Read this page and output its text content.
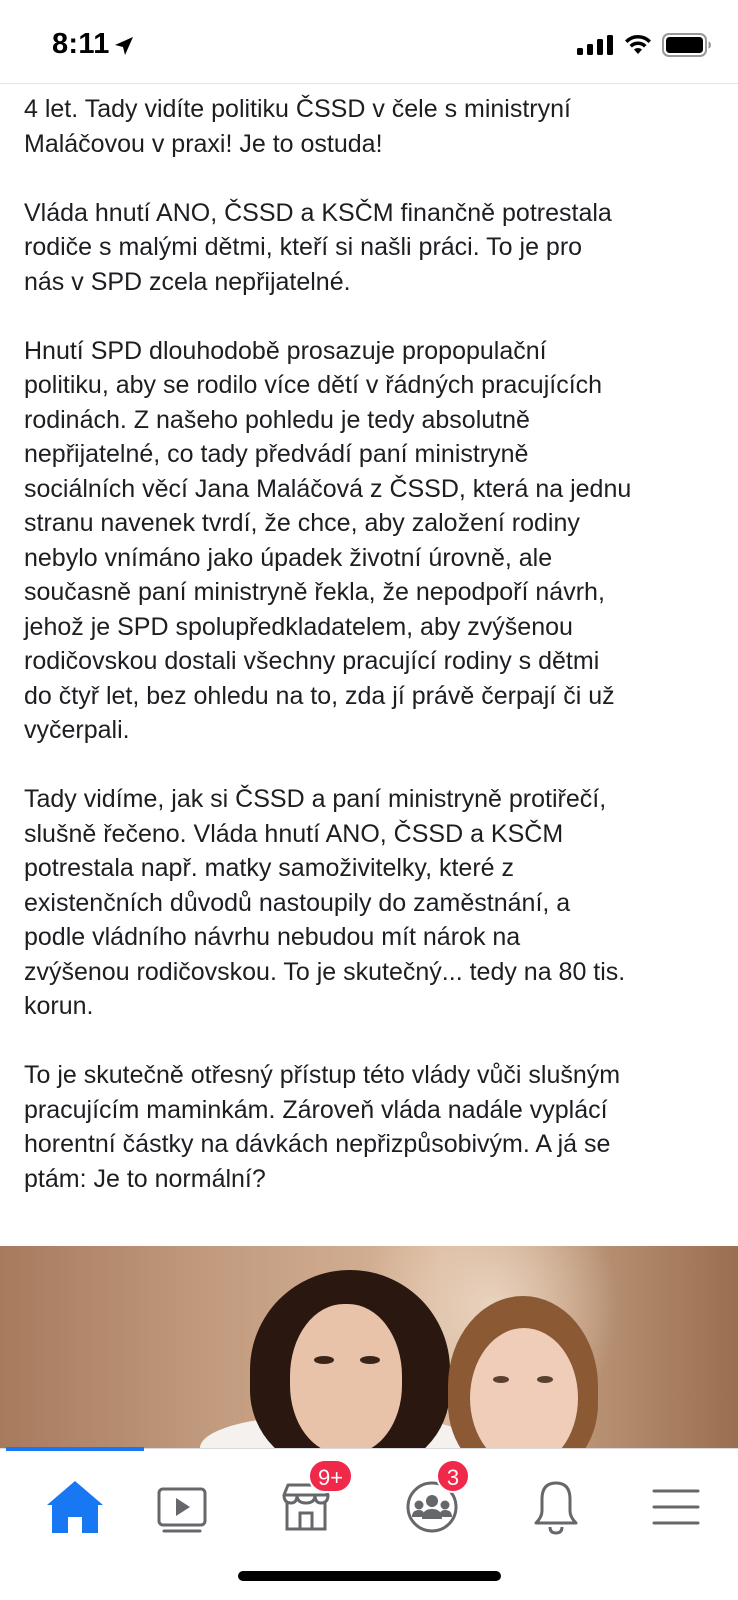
8:11
4 let. Tady vidíte politiku ČSSD v čele s ministryní
Maláčovou v praxi! Je to ostuda!
Vláda hnutí ANO, ČSSD a KSČM finančně potrestala
rodiče s malými dětmi, kteří si našli práci. To je pro
nás v SPD zcela nepřijatelné.
Hnutí SPD dlouhodobě prosazuje propopulační
politiku, aby se rodilo více dětí v řádných pracujících
rodinách. Z našeho pohledu je tedy absolutně
nepřijatelné, co tady předvádí paní ministryně
sociálních věcí Jana Maláčová z ČSSD, která na jednu
stranu navenek tvrdí, že chce, aby založení rodiny
nebylo vnímáno jako úpadek životní úrovně, ale
současně paní ministryně řekla, že nepodpoří návrh,
jehož je SPD spolupředkladatelem, aby zvýšenou
rodičovskou dostali všechny pracující rodiny s dětmi
do čtyř let, bez ohledu na to, zda jí právě čerpají či už
vyčerpali.
Tady vidíme, jak si ČSSD a paní ministryně protiřečí,
slušně řečeno. Vláda hnutí ANO, ČSSD a KSČM
potrestala např. matky samoživitelky, které z
existenčních důvodů nastoupily do zaměstnání, a
podle vládního návrhu nebudou mít nárok na
zvýšenou rodičovskou. To je skutečný... tedy na 80 tis.
korun.
To je skutečně otřesný přístup této vlády vůči slušným
pracujícím maminkám. Zároveň vláda nadále vyplácí
horentní částky na dávkách nepřizpůsobivým. A já se
ptám: Je to normální?
9+	3
